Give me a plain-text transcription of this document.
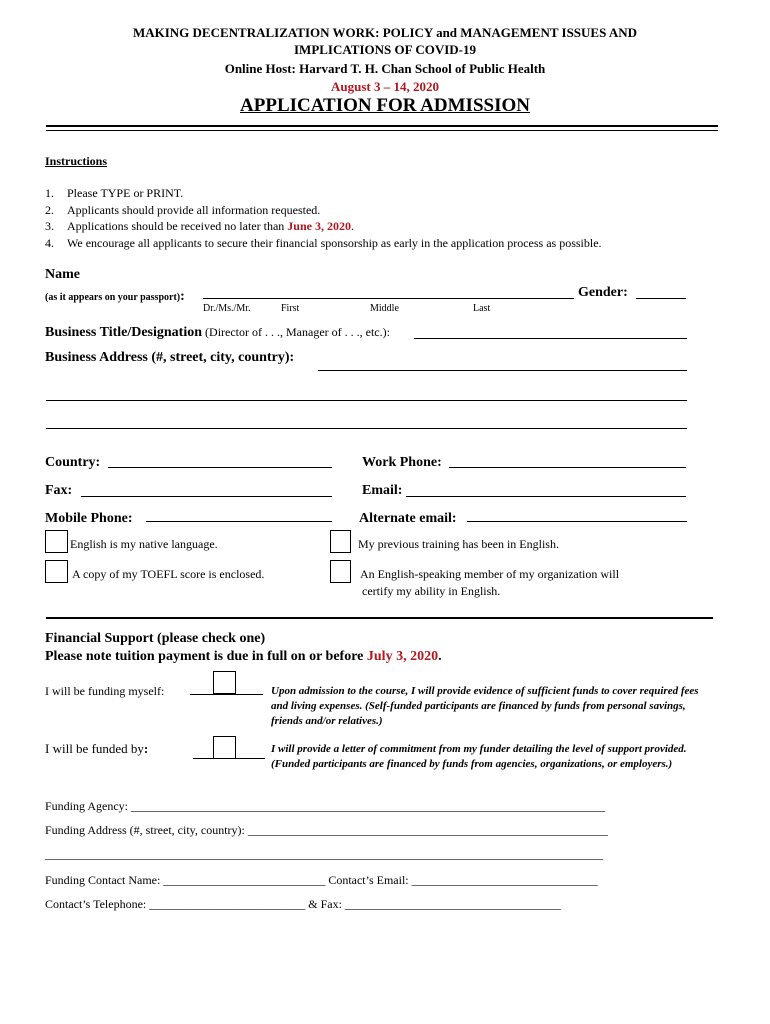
MAKING DECENTRALIZATION WORK: POLICY and MANAGEMENT ISSUES AND
IMPLICATIONS OF COVID-19
Online Host: Harvard T. H. Chan School of Public Health
August 3 – 14, 2020
APPLICATION FOR ADMISSION
Instructions
1. Please TYPE or PRINT.
2. Applicants should provide all information requested.
3. Applications should be received no later than June 3, 2020.
4. We encourage all applicants to secure their financial sponsorship as early in the application process as possible.
Name
(as it appears on your passport):	Gender:
Dr./Ms./Mr.	First	Middle	Last
Business Title/Designation (Director of . . ., Manager of . . ., etc.):
Business Address (#, street, city, country):
Country:	Work Phone:
Fax:	Email:
Mobile Phone:	Alternate email:
English is my native language.	My previous training has been in English.
A copy of my TOEFL score is enclosed.	An English-speaking member of my organization will
certify my ability in English.
Financial Support (please check one)
Please note tuition payment is due in full on or before July 3, 2020.
I will be funding myself:	Upon admission to the course, I will provide evidence of sufficient funds to cover required fees and living expenses. (Self-funded participants are financed by funds from personal savings, friends and/or relatives.)
I will be funded by:	I will provide a letter of commitment from my funder detailing the level of support provided. (Funded participants are financed by funds from agencies, organizations, or employers.)
Funding Agency: _______________________________________________________________________________
Funding Address (#, street, city, country): ____________________________________________________________
_____________________________________________________________________________________________
Funding Contact Name: ___________________________ Contact’s Email: _______________________________
Contact’s Telephone: __________________________ & Fax: ____________________________________
